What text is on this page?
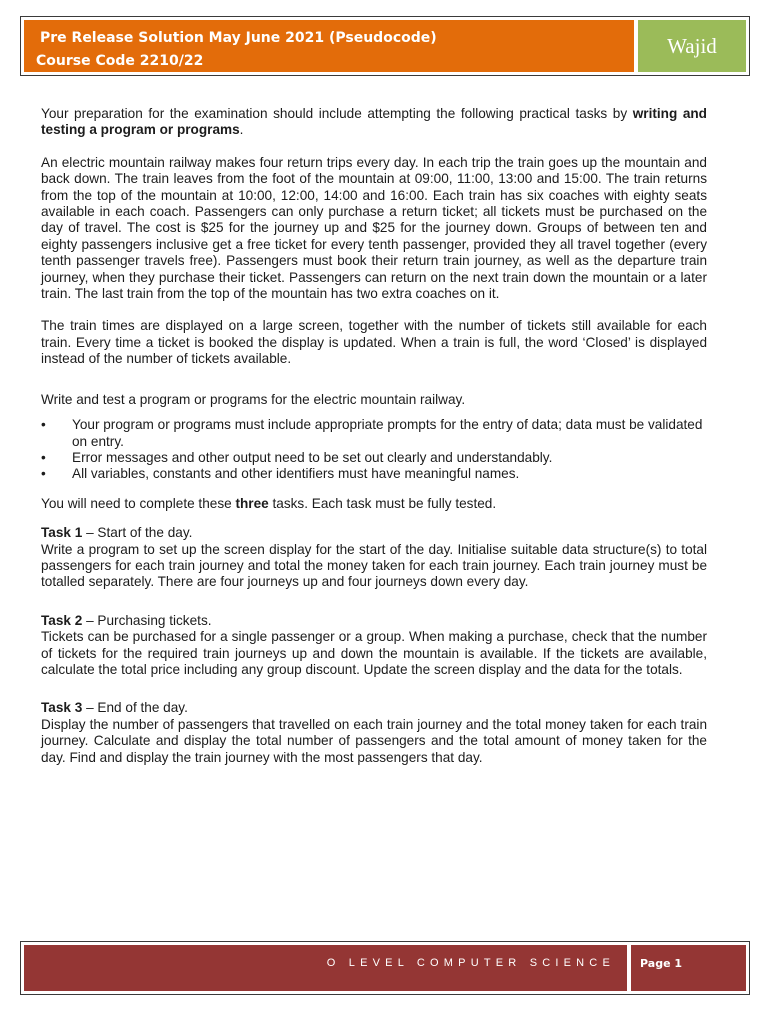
Pre Release Solution May June 2021 (Pseudocode)
Course Code 2210/22
Wajid

Your preparation for the examination should include attempting the following practical tasks by writing and testing a program or programs.

An electric mountain railway makes four return trips every day. In each trip the train goes up the mountain and back down. The train leaves from the foot of the mountain at 09:00, 11:00, 13:00 and 15:00. The train returns from the top of the mountain at 10:00, 12:00, 14:00 and 16:00. Each train has six coaches with eighty seats available in each coach. Passengers can only purchase a return ticket; all tickets must be purchased on the day of travel. The cost is $25 for the journey up and $25 for the journey down. Groups of between ten and eighty passengers inclusive get a free ticket for every tenth passenger, provided they all travel together (every tenth passenger travels free). Passengers must book their return train journey, as well as the departure train journey, when they purchase their ticket. Passengers can return on the next train down the mountain or a later train. The last train from the top of the mountain has two extra coaches on it.

The train times are displayed on a large screen, together with the number of tickets still available for each train. Every time a ticket is booked the display is updated. When a train is full, the word ‘Closed’ is displayed instead of the number of tickets available.

Write and test a program or programs for the electric mountain railway.

• Your program or programs must include appropriate prompts for the entry of data; data must be validated on entry.
• Error messages and other output need to be set out clearly and understandably.
• All variables, constants and other identifiers must have meaningful names.

You will need to complete these three tasks. Each task must be fully tested.

Task 1 – Start of the day.

Write a program to set up the screen display for the start of the day. Initialise suitable data structure(s) to total passengers for each train journey and total the money taken for each train journey. Each train journey must be totalled separately. There are four journeys up and four journeys down every day.

Task 2 – Purchasing tickets.

Tickets can be purchased for a single passenger or a group. When making a purchase, check that the number of tickets for the required train journeys up and down the mountain is available. If the tickets are available, calculate the total price including any group discount. Update the screen display and the data for the totals.

Task 3 – End of the day.

Display the number of passengers that travelled on each train journey and the total money taken for each train journey. Calculate and display the total number of passengers and the total amount of money taken for the day. Find and display the train journey with the most passengers that day.

O LEVEL COMPUTER SCIENCE Page 1
